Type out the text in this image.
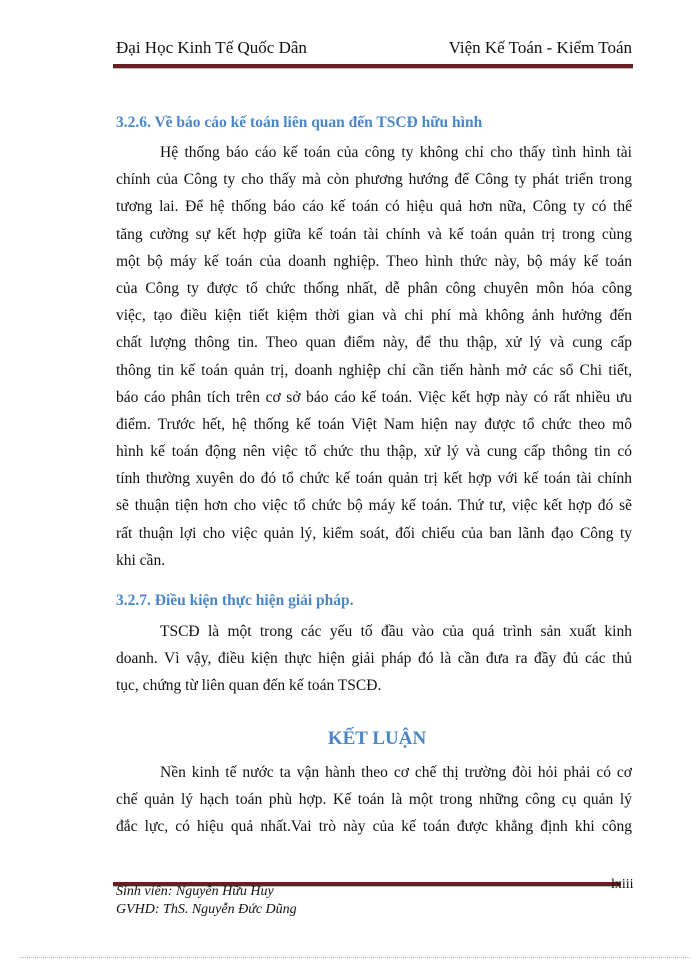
Đại Học Kinh Tế Quốc Dân	Viện Kế Toán - Kiểm Toán
3.2.6. Về báo cáo kế toán liên quan đến TSCĐ hữu hình
Hệ thống báo cáo kế toán của công ty không chỉ cho thấy tình hình tài
chính của Công ty cho thấy mà còn phương hướng để Công ty phát triển trong
tương lai. Để hệ thống báo cáo kế toán có hiệu quả hơn nữa, Công ty có thể
tăng cường sự kết hợp giữa kế toán tài chính và kế toán quản trị trong cùng
một bộ máy kế toán của doanh nghiệp. Theo hình thức này, bộ máy kế toán
của Công ty được tổ chức thống nhất, dễ phân công chuyên môn hóa công
việc, tạo điều kiện tiết kiệm thời gian và chi phí mà không ảnh hưởng đến
chất lượng thông tin. Theo quan điểm này, để thu thập, xử lý và cung cấp
thông tin kế toán quản trị, doanh nghiệp chỉ cần tiến hành mở các sổ Chi tiết,
báo cáo phân tích trên cơ sở báo cáo kế toán. Việc kết hợp này có rất nhiều ưu
điểm. Trước hết, hệ thống kế toán Việt Nam hiện nay được tổ chức theo mô
hình kế toán động nên việc tổ chức thu thập, xử lý và cung cấp thông tin có
tính thường xuyên do đó tổ chức kế toán quản trị kết hợp với kế toán tài chính
sẽ thuận tiện hơn cho việc tổ chức bộ máy kế toán. Thứ tư, việc kết hợp đó sẽ
rất thuận lợi cho việc quản lý, kiểm soát, đối chiếu của ban lãnh đạo Công ty
khi cần.
3.2.7. Điều kiện thực hiện giải pháp.
TSCĐ là một trong các yếu tố đầu vào của quá trình sản xuất kinh
doanh. Vì vậy, điều kiện thực hiện giải pháp đó là cần đưa ra đầy đủ các thủ
tục, chứng từ liên quan đến kế toán TSCĐ.
KẾT LUẬN
Nền kinh tế nước ta vận hành theo cơ chế thị trường đòi hỏi phải có cơ
chế quản lý hạch toán phù hợp. Kế toán là một trong những công cụ quản lý
đắc lực, có hiệu quả nhất.Vai trò này của kế toán được khẳng định khi công
Sinh viên: Nguyễn Hữu Huy
GVHD: ThS. Nguyễn Đức Dũng
lxiii
